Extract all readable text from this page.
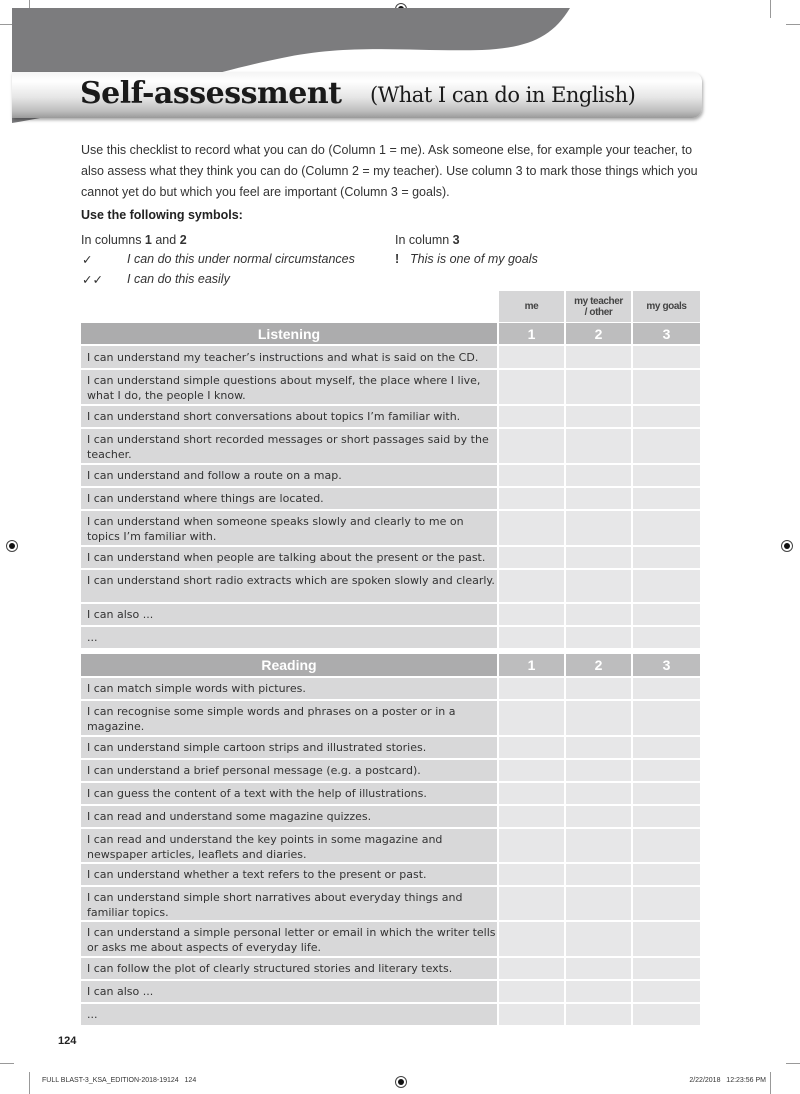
Self-assessment (What I can do in English)
Use this checklist to record what you can do (Column 1 = me). Ask someone else, for example your teacher, to also assess what they think you can do (Column 2 = my teacher). Use column 3 to mark those things which you cannot yet do but which you feel are important (Column 3 = goals).
Use the following symbols:
In columns 1 and 2	In column 3
✓	I can do this under normal circumstances	! This is one of my goals
✓✓ I can do this easily
me	my teacher / other	my goals
Listening	1	2	3
I can understand my teacher’s instructions and what is said on the CD.
I can understand simple questions about myself, the place where I live, what I do, the people I know.
I can understand short conversations about topics I’m familiar with.
I can understand short recorded messages or short passages said by the teacher.
I can understand and follow a route on a map.
I can understand where things are located.
I can understand when someone speaks slowly and clearly to me on topics I’m familiar with.
I can understand when people are talking about the present or the past.
I can understand short radio extracts which are spoken slowly and clearly.
I can also ...
...
Reading	1	2	3
I can match simple words with pictures.
I can recognise some simple words and phrases on a poster or in a magazine.
I can understand simple cartoon strips and illustrated stories.
I can understand a brief personal message (e.g. a postcard).
I can guess the content of a text with the help of illustrations.
I can read and understand some magazine quizzes.
I can read and understand the key points in some magazine and newspaper articles, leaflets and diaries.
I can understand whether a text refers to the present or past.
I can understand simple short narratives about everyday things and familiar topics.
I can understand a simple personal letter or email in which the writer tells or asks me about aspects of everyday life.
I can follow the plot of clearly structured stories and literary texts.
I can also ...
...
124
FULL BLAST-3_KSA_EDITION-2018-19124   124	2/22/2018   12:23:56 PM
